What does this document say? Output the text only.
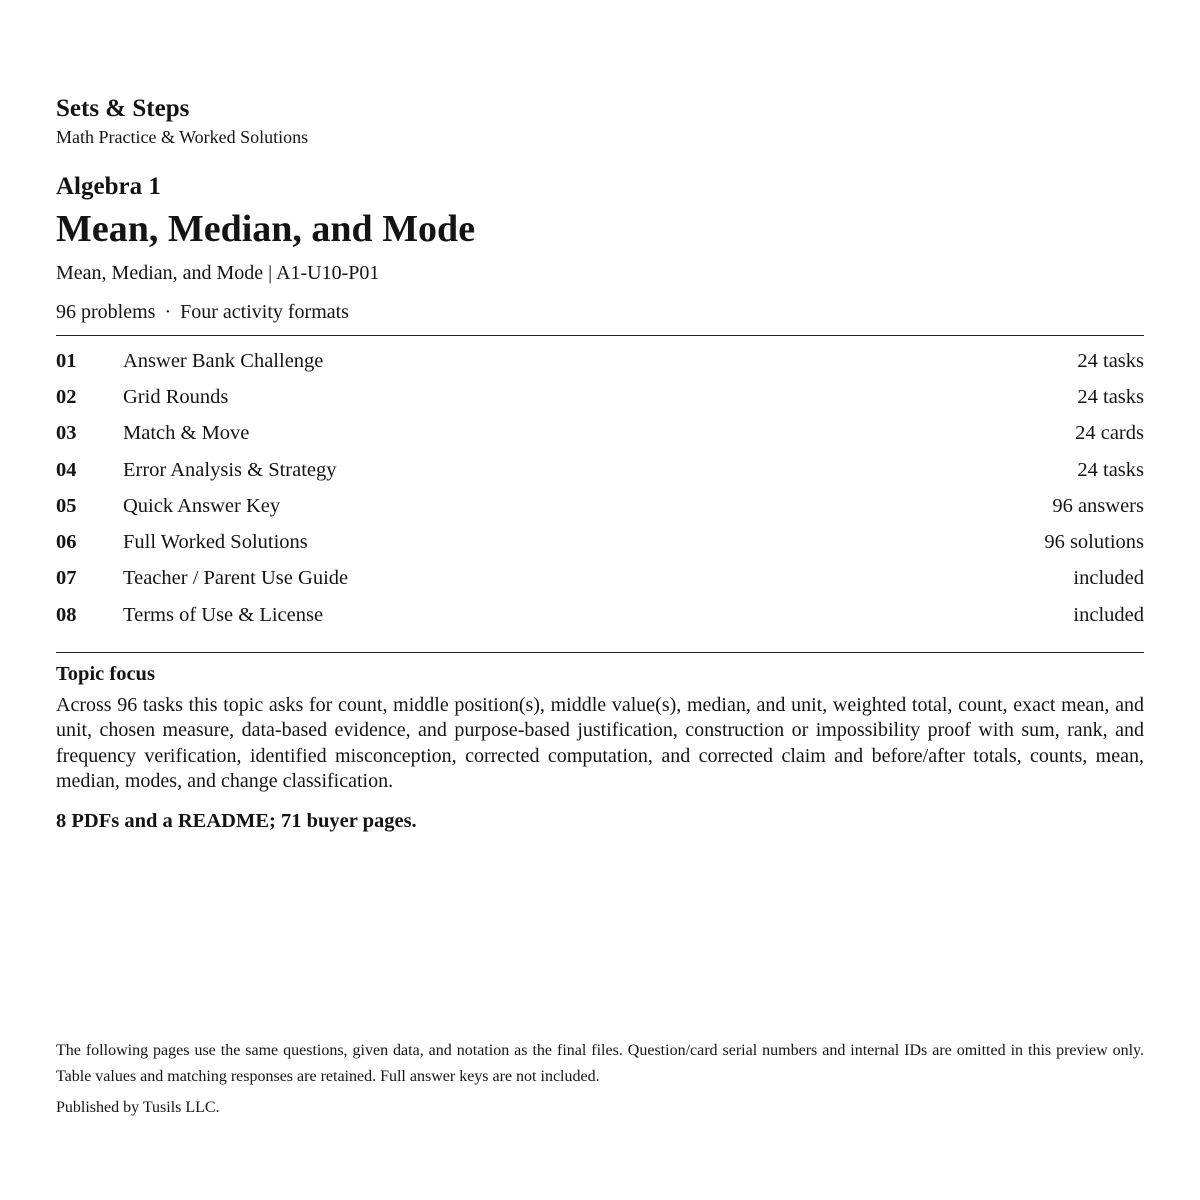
Sets & Steps
Math Practice & Worked Solutions
Algebra 1
Mean, Median, and Mode
Mean, Median, and Mode | A1-U10-P01
96 problems · Four activity formats
01	Answer Bank Challenge	24 tasks
02	Grid Rounds	24 tasks
03	Match & Move	24 cards
04	Error Analysis & Strategy	24 tasks
05	Quick Answer Key	96 answers
06	Full Worked Solutions	96 solutions
07	Teacher / Parent Use Guide	included
08	Terms of Use & License	included
Topic focus
Across 96 tasks this topic asks for count, middle position(s), middle value(s), median, and unit, weighted total, count, exact mean, and unit, chosen measure, data-based evidence, and purpose-based justification, construction or impossibility proof with sum, rank, and frequency verification, identified misconception, corrected computation, and corrected claim and before/after totals, counts, mean, median, modes, and change classification.
8 PDFs and a README; 71 buyer pages.
The following pages use the same questions, given data, and notation as the final files. Question/card serial numbers and internal IDs are omitted in this preview only. Table values and matching responses are retained. Full answer keys are not included.
Published by Tusils LLC.
